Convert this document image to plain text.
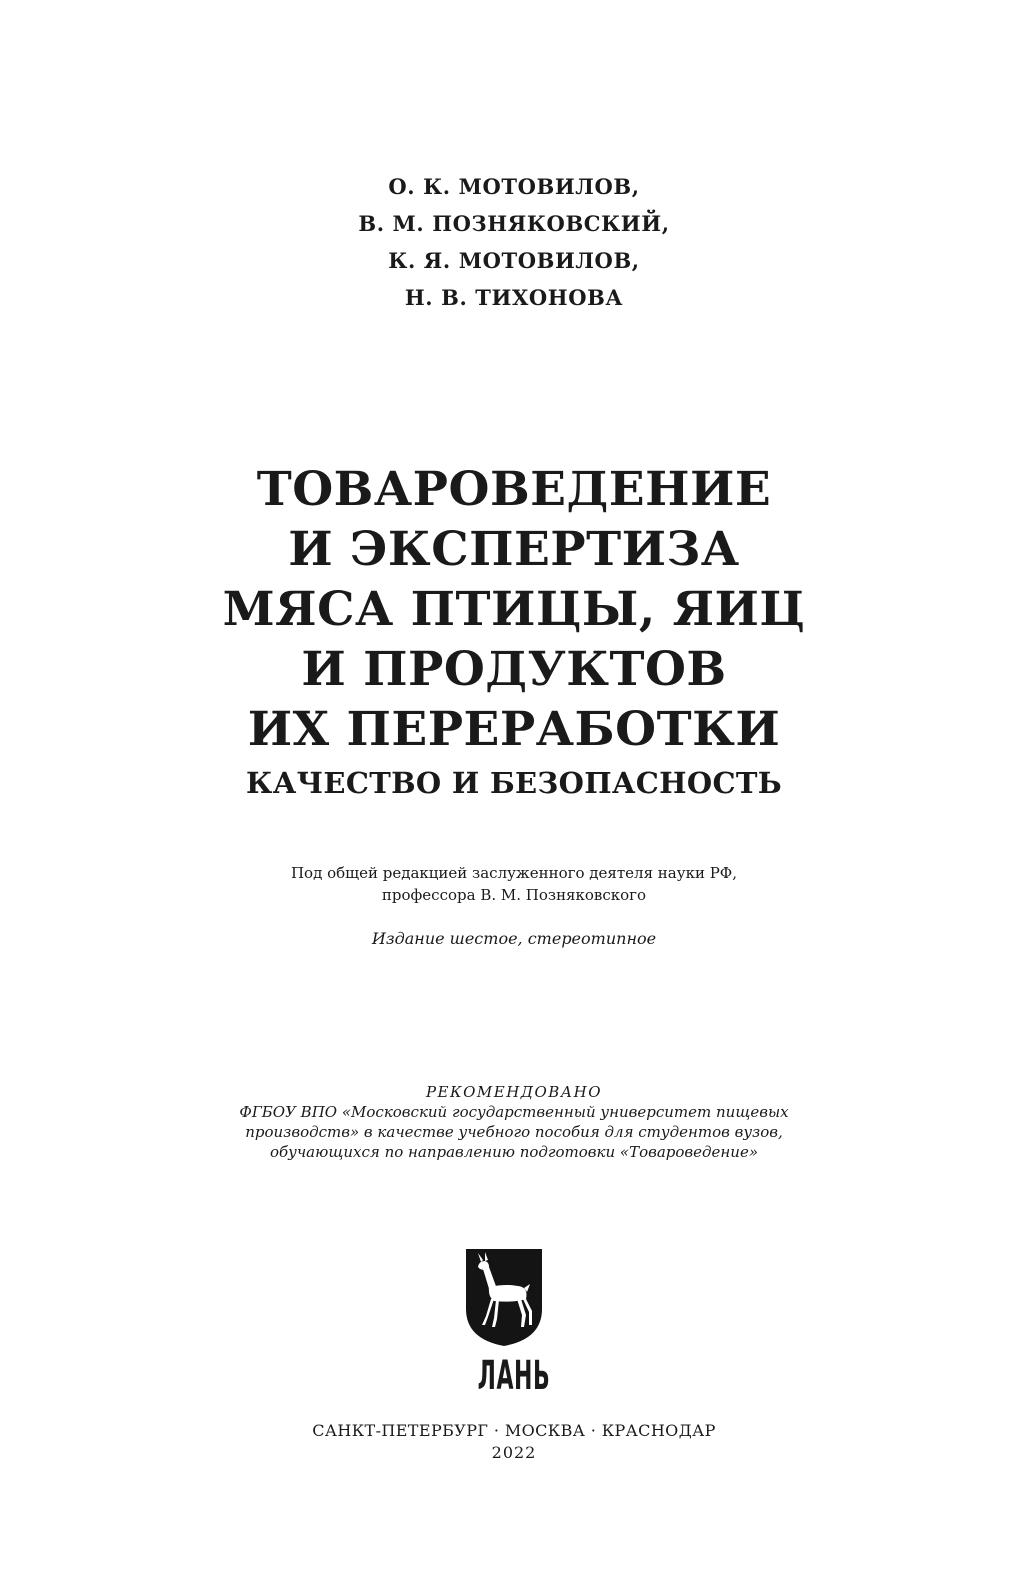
О. К. МОТОВИЛОВ,
В. М. ПОЗНЯКОВСКИЙ,
К. Я. МОТОВИЛОВ,
Н. В. ТИХОНОВА
ТОВАРОВЕДЕНИЕ
И ЭКСПЕРТИЗА
МЯСА ПТИЦЫ, ЯИЦ
И ПРОДУКТОВ
ИХ ПЕРЕРАБОТКИ
КАЧЕСТВО И БЕЗОПАСНОСТЬ
Под общей редакцией заслуженного деятеля науки РФ,
профессора В. М. Позняковского
Издание шестое, стереотипное
РЕКОМЕНДОВАНО
ФГБОУ ВПО «Московский государственный университет пищевых
производств» в качестве учебного пособия для студентов вузов,
обучающихся по направлению подготовки «Товароведение»
ЛАНЬ
САНКТ-ПЕТЕРБУРГ · МОСКВА · КРАСНОДАР
2022
